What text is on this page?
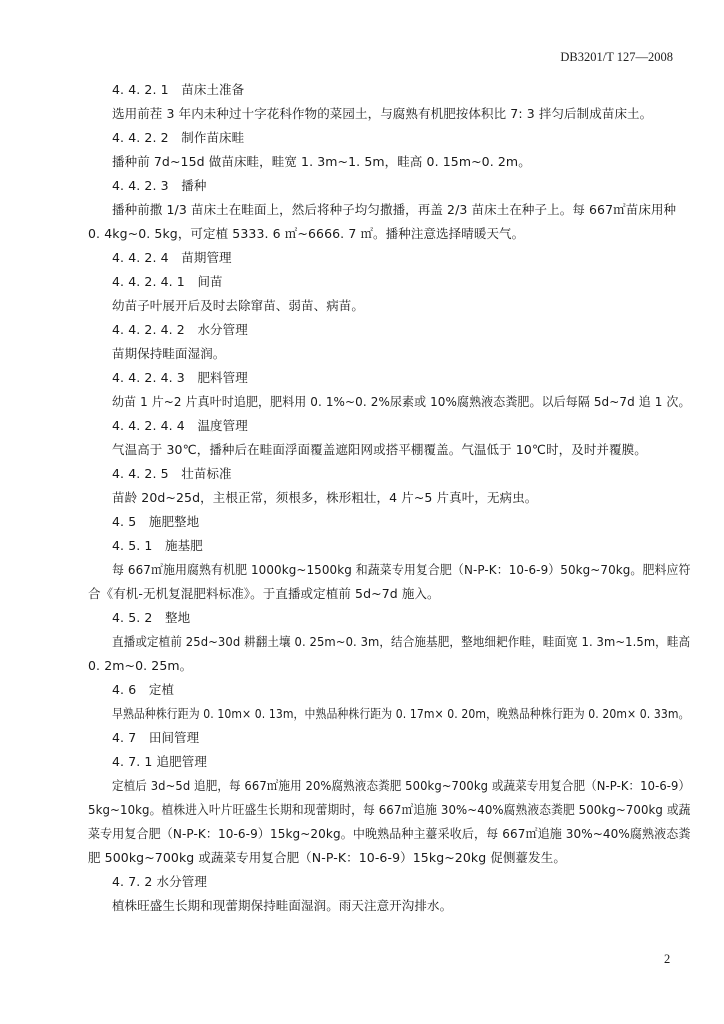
DB3201/T 127—2008
4. 4. 2. 1　苗床土准备
选用前茬 3 年内未种过十字花科作物的菜园土，与腐熟有机肥按体积比 7: 3 拌匀后制成苗床土。
4. 4. 2. 2　制作苗床畦
播种前 7d~15d 做苗床畦，畦宽 1. 3m~1. 5m，畦高 0. 15m~0. 2m。
4. 4. 2. 3　播种
播种前撒 1/3 苗床土在畦面上，然后将种子均匀撒播，再盖 2/3 苗床土在种子上。每 667㎡苗床用种
0. 4kg~0. 5kg，可定植 5333. 6 ㎡~6666. 7 ㎡。播种注意选择晴暖天气。
4. 4. 2. 4　苗期管理
4. 4. 2. 4. 1　间苗
幼苗子叶展开后及时去除窜苗、弱苗、病苗。
4. 4. 2. 4. 2　水分管理
苗期保持畦面湿润。
4. 4. 2. 4. 3　肥料管理
幼苗 1 片~2 片真叶时追肥，肥料用 0. 1%~0. 2%尿素或 10%腐熟液态粪肥。以后每隔 5d~7d 追 1 次。
4. 4. 2. 4. 4　温度管理
气温高于 30℃，播种后在畦面浮面覆盖遮阳网或搭平棚覆盖。气温低于 10℃时，及时并覆膜。
4. 4. 2. 5　壮苗标准
苗龄 20d~25d，主根正常，须根多，株形粗壮，4 片~5 片真叶，无病虫。
4. 5　施肥整地
4. 5. 1　施基肥
每 667㎡施用腐熟有机肥 1000kg~1500kg 和蔬菜专用复合肥（N-P-K：10-6-9）50kg~70kg。肥料应符
合《有机-无机复混肥料标准》。于直播或定植前 5d~7d 施入。
4. 5. 2　整地
直播或定植前 25d~30d 耕翻土壤 0. 25m~0. 3m，结合施基肥，整地细耙作畦，畦面宽 1. 3m~1.5m，畦高
0. 2m~0. 25m。
4. 6　定植
早熟品种株行距为 0. 10m× 0. 13m，中熟品种株行距为 0. 17m× 0. 20m，晚熟品种株行距为 0. 20m× 0. 33m。
4. 7　田间管理
4. 7. 1 追肥管理
定植后 3d~5d 追肥，每 667㎡施用 20%腐熟液态粪肥 500kg~700kg 或蔬菜专用复合肥（N-P-K：10-6-9）
5kg~10kg。植株进入叶片旺盛生长期和现蕾期时，每 667㎡追施 30%~40%腐熟液态粪肥 500kg~700kg 或蔬
菜专用复合肥（N-P-K：10-6-9）15kg~20kg。中晚熟品种主薹采收后，每 667㎡追施 30%~40%腐熟液态粪
肥 500kg~700kg 或蔬菜专用复合肥（N-P-K：10-6-9）15kg~20kg 促侧薹发生。
4. 7. 2 水分管理
植株旺盛生长期和现蕾期保持畦面湿润。雨天注意开沟排水。
2
